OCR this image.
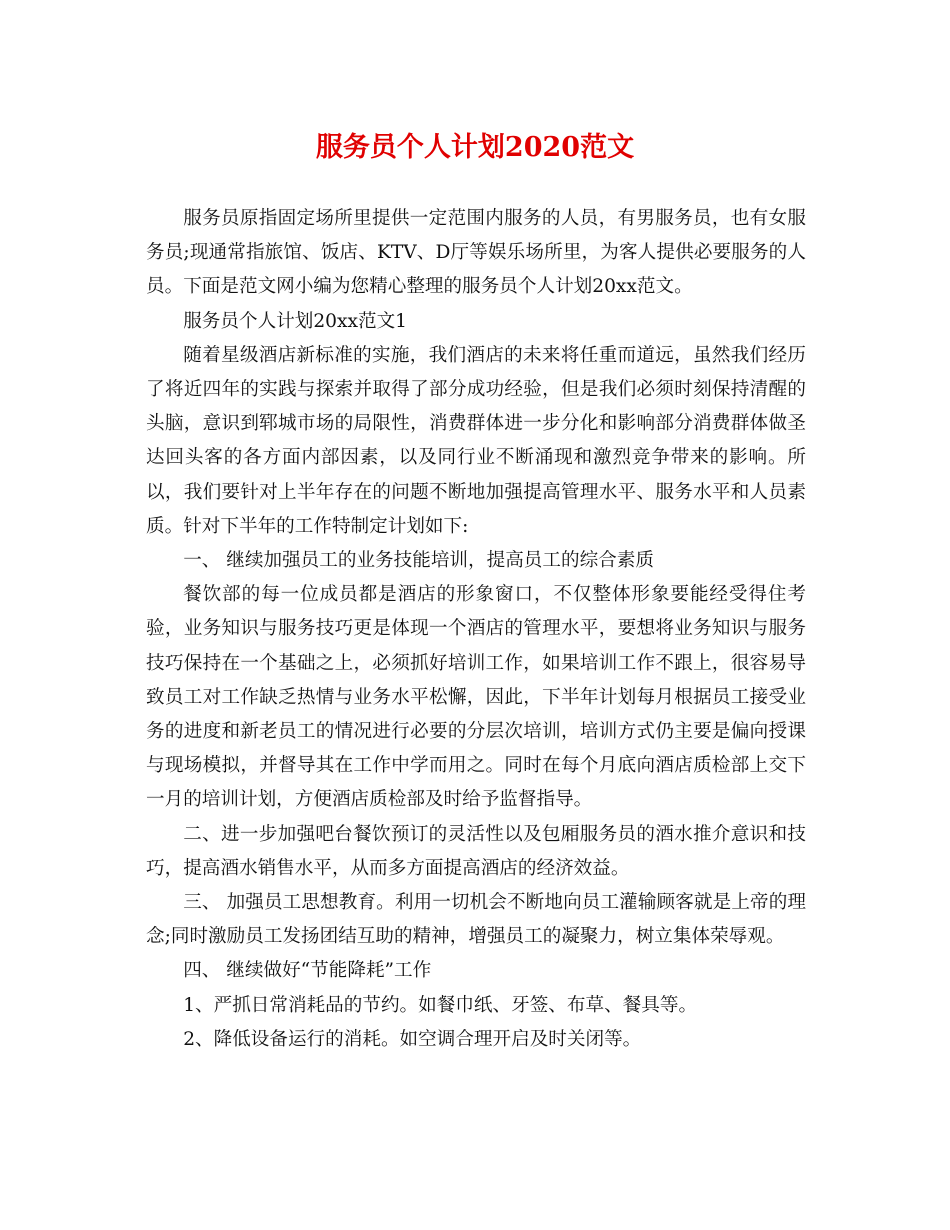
服务员个人计划2020范文

服务员原指固定场所里提供一定范围内服务的人员，有男服务员，也有女服务员;现通常指旅馆、饭店、KTV、D厅等娱乐场所里，为客人提供必要服务的人员。下面是范文网小编为您精心整理的服务员个人计划20xx范文。

服务员个人计划20xx范文1

随着星级酒店新标准的实施，我们酒店的未来将任重而道远，虽然我们经历了将近四年的实践与探索并取得了部分成功经验，但是我们必须时刻保持清醒的头脑，意识到郓城市场的局限性，消费群体进一步分化和影响部分消费群体做圣达回头客的各方面内部因素，以及同行业不断涌现和激烈竞争带来的影响。所以，我们要针对上半年存在的问题不断地加强提高管理水平、服务水平和人员素质。针对下半年的工作特制定计划如下:

一、 继续加强员工的业务技能培训，提高员工的综合素质

餐饮部的每一位成员都是酒店的形象窗口，不仅整体形象要能经受得住考验，业务知识与服务技巧更是体现一个酒店的管理水平，要想将业务知识与服务技巧保持在一个基础之上，必须抓好培训工作，如果培训工作不跟上，很容易导致员工对工作缺乏热情与业务水平松懈，因此，下半年计划每月根据员工接受业务的进度和新老员工的情况进行必要的分层次培训，培训方式仍主要是偏向授课与现场模拟，并督导其在工作中学而用之。同时在每个月底向酒店质检部上交下一月的培训计划，方便酒店质检部及时给予监督指导。

二、进一步加强吧台餐饮预订的灵活性以及包厢服务员的酒水推介意识和技巧，提高酒水销售水平，从而多方面提高酒店的经济效益。

三、 加强员工思想教育。利用一切机会不断地向员工灌输顾客就是上帝的理念;同时激励员工发扬团结互助的精神，增强员工的凝聚力，树立集体荣辱观。

四、 继续做好“节能降耗”工作

1、严抓日常消耗品的节约。如餐巾纸、牙签、布草、餐具等。

2、降低设备运行的消耗。如空调合理开启及时关闭等。
